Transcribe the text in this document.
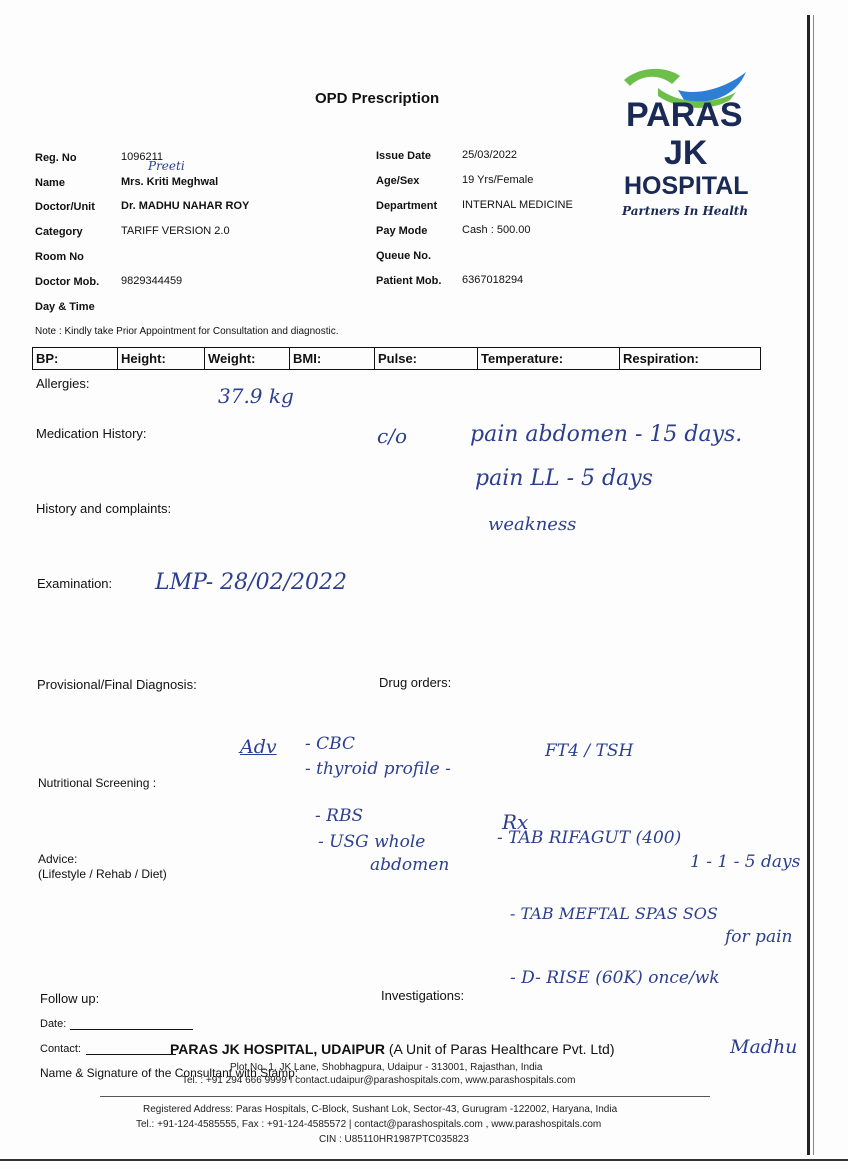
OPD Prescription	PARAS
JK
HOSPITAL
Partners In Health
Reg. No	1096211
Name	Mrs. Kriti Meghwal
Preeti
Doctor/Unit Dr. MADHU NAHAR ROY
Category	TARIFF VERSION 2.0
Room No
Doctor Mob. 9829344459
Day & Time
Issue Date	25/03/2022
Age/Sex	19 Yrs/Female
Department INTERNAL MEDICINE
Pay Mode	Cash : 500.00
Queue No.
Patient Mob. 6367018294
Note : Kindly take Prior Appointment for Consultation and diagnostic.
BP:	Height:	Weight:	BMI:	Pulse:	Temperature:	Respiration:
Allergies:
Medication History:
History and complaints:
Examination:
Provisional/Final Diagnosis:	Drug orders:
Nutritional Screening :
Advice:
(Lifestyle / Rehab / Diet)
Follow up:	Investigations:
Date:
Contact:
Name & Signature of the Consultant with Stamp:
37.9 kg
c/o	pain abdomen - 15 days.
pain LL - 5 days
weakness
LMP- 28/02/2022
Adv - CBC
- thyroid profile -
FT4 / TSH
- RBS
- USG whole
abdomen
Rx
- TAB RIFAGUT (400)
1 - 1 - 5 days
- TAB MEFTAL SPAS SOS
for pain
- D- RISE (60K) once/wk
Madhu
PARAS JK HOSPITAL, UDAIPUR (A Unit of Paras Healthcare Pvt. Ltd)
Plot No. 1, JK Lane, Shobhagpura, Udaipur - 313001, Rajasthan, India
Tel. : +91 294 666 9999 I contact.udaipur@parashospitals.com, www.parashospitals.com
Registered Address: Paras Hospitals, C-Block, Sushant Lok, Sector-43, Gurugram -122002, Haryana, India
Tel.: +91-124-4585555, Fax : +91-124-4585572 | contact@parashospitals.com , www.parashospitals.com
CIN : U85110HR1987PTC035823
